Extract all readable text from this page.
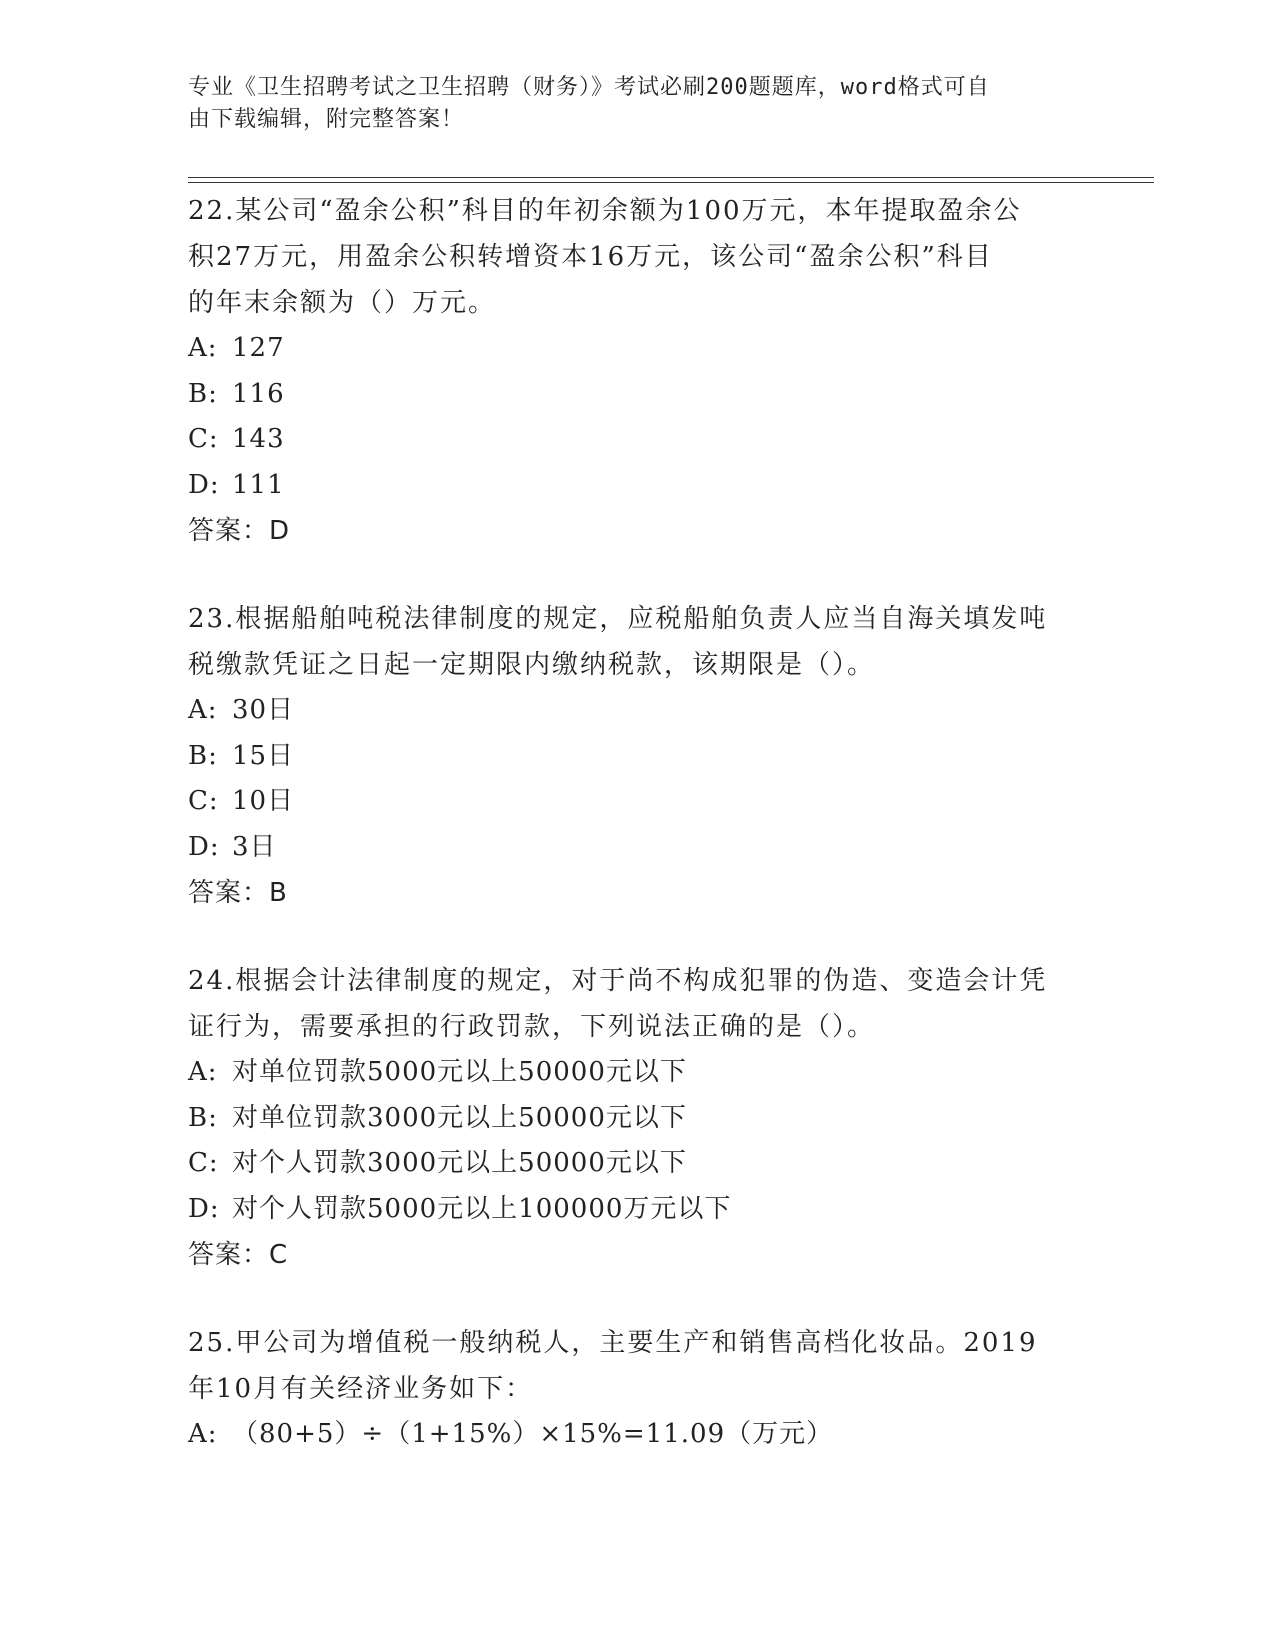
专业《卫生招聘考试之卫生招聘（财务）》考试必刷200题题库，word格式可自
由下载编辑，附完整答案！

22.某公司“盈余公积”科目的年初余额为100万元，本年提取盈余公

积27万元，用盈余公积转增资本16万元，该公司“盈余公积”科目

的年末余额为（）万元。

A: 127
B: 116
C: 143
D: 111

答案：D

23.根据船舶吨税法律制度的规定，应税船舶负责人应当自海关填发吨

税缴款凭证之日起一定期限内缴纳税款，该期限是（）。

A: 30日
B: 15日
C: 10日
D: 3日

答案：B

24.根据会计法律制度的规定，对于尚不构成犯罪的伪造、变造会计凭

证行为，需要承担的行政罚款，下列说法正确的是（）。

A: 对单位罚款5000元以上50000元以下
B: 对单位罚款3000元以上50000元以下
C: 对个人罚款3000元以上50000元以下
D: 对个人罚款5000元以上100000万元以下

答案：C

25.甲公司为增值税一般纳税人，主要生产和销售高档化妆品。2019

年10月有关经济业务如下：

A: （80+5）÷（1+15%）×15%=11.09（万元）
